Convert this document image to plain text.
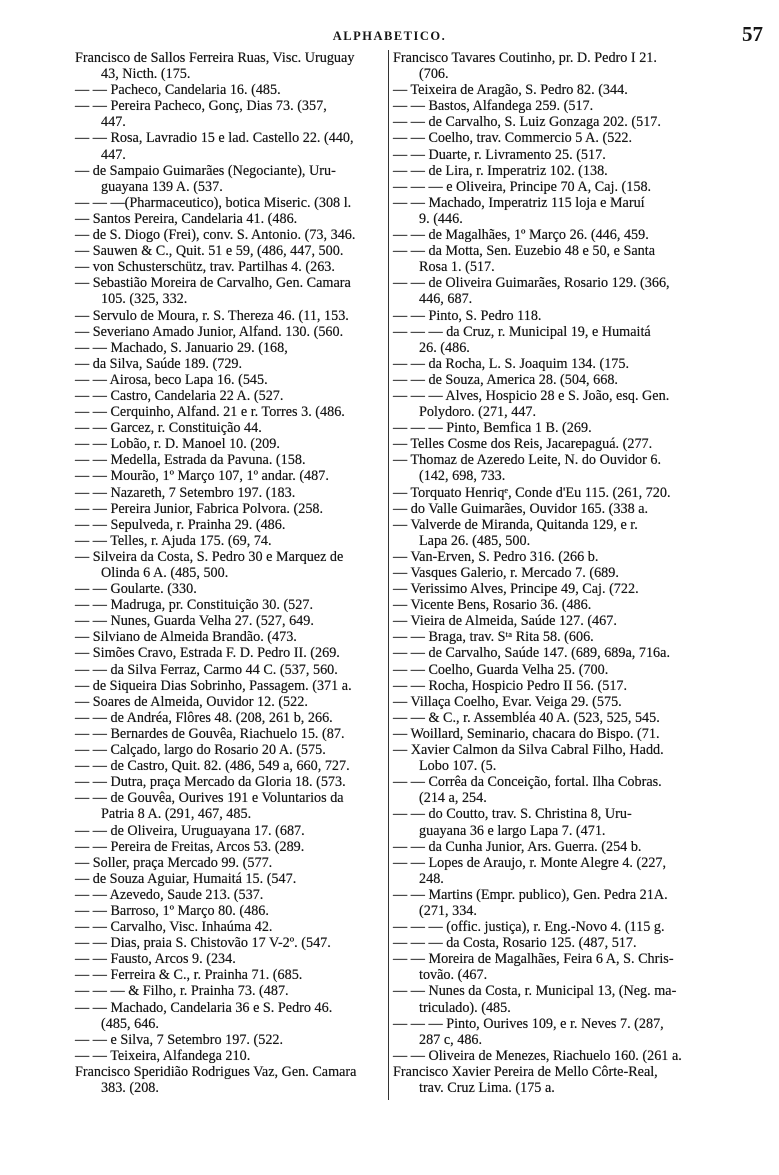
ALPHABETICO.	57
Francisco de Sallos Ferreira Ruas, Visc. Uruguay
43, Nicth. (175.
— — Pacheco, Candelaria 16. (485.
— — Pereira Pacheco, Gonç, Dias 73. (357,
447.
— — Rosa, Lavradio 15 e lad. Castello 22. (440,
447.
— de Sampaio Guimarães (Negociante), Uru-
guayana 139 A. (537.
— — —(Pharmaceutico), botica Miseric. (308 l.
— Santos Pereira, Candelaria 41. (486.
— de S. Diogo (Frei), conv. S. Antonio. (73, 346.
— Sauwen & C., Quit. 51 e 59, (486, 447, 500.
— von Schusterschütz, trav. Partilhas 4. (263.
— Sebastião Moreira de Carvalho, Gen. Camara
105. (325, 332.
— Servulo de Moura, r. S. Thereza 46. (11, 153.
— Severiano Amado Junior, Alfand. 130. (560.
— — Machado, S. Januario 29. (168,
— da Silva, Saúde 189. (729.
— — Airosa, beco Lapa 16. (545.
— — Castro, Candelaria 22 A. (527.
— — Cerquinho, Alfand. 21 e r. Torres 3. (486.
— — Garcez, r. Constituição 44.
— — Lobão, r. D. Manoel 10. (209.
— — Medella, Estrada da Pavuna. (158.
— — Mourão, 1º Março 107, 1º andar. (487.
— — Nazareth, 7 Setembro 197. (183.
— — Pereira Junior, Fabrica Polvora. (258.
— — Sepulveda, r. Prainha 29. (486.
— — Telles, r. Ajuda 175. (69, 74.
— Silveira da Costa, S. Pedro 30 e Marquez de
Olinda 6 A. (485, 500.
— — Goularte. (330.
— — Madruga, pr. Constituição 30. (527.
— — Nunes, Guarda Velha 27. (527, 649.
— Silviano de Almeida Brandão. (473.
— Simões Cravo, Estrada F. D. Pedro II. (269.
— — da Silva Ferraz, Carmo 44 C. (537, 560.
— de Siqueira Dias Sobrinho, Passagem. (371 a.
— Soares de Almeida, Ouvidor 12. (522.
— — de Andréa, Flôres 48. (208, 261 b, 266.
— — Bernardes de Gouvêa, Riachuelo 15. (87.
— — Calçado, largo do Rosario 20 A. (575.
— — de Castro, Quit. 82. (486, 549 a, 660, 727.
— — Dutra, praça Mercado da Gloria 18. (573.
— — de Gouvêa, Ourives 191 e Voluntarios da
Patria 8 A. (291, 467, 485.
— — de Oliveira, Uruguayana 17. (687.
— — Pereira de Freitas, Arcos 53. (289.
— Soller, praça Mercado 99. (577.
— de Souza Aguiar, Humaitá 15. (547.
— — Azevedo, Saude 213. (537.
— — Barroso, 1º Março 80. (486.
— — Carvalho, Visc. Inhaúma 42.
— — Dias, praia S. Chistovão 17 V-2º. (547.
— — Fausto, Arcos 9. (234.
— — Ferreira & C., r. Prainha 71. (685.
— — — & Filho, r. Prainha 73. (487.
— — Machado, Candelaria 36 e S. Pedro 46.
(485, 646.
— — e Silva, 7 Setembro 197. (522.
— — Teixeira, Alfandega 210.
Francisco Speridião Rodrigues Vaz, Gen. Camara
383. (208.
Francisco Tavares Coutinho, pr. D. Pedro I 21.
(706.
— Teixeira de Aragão, S. Pedro 82. (344.
— — Bastos, Alfandega 259. (517.
— — de Carvalho, S. Luiz Gonzaga 202. (517.
— — Coelho, trav. Commercio 5 A. (522.
— — Duarte, r. Livramento 25. (517.
— — de Lira, r. Imperatriz 102. (138.
— — — e Oliveira, Principe 70 A, Caj. (158.
— — Machado, Imperatriz 115 loja e Maruí
9. (446.
— — de Magalhães, 1º Março 26. (446, 459.
— — da Motta, Sen. Euzebio 48 e 50, e Santa
Rosa 1. (517.
— — de Oliveira Guimarães, Rosario 129. (366,
446, 687.
— — Pinto, S. Pedro 118.
— — — da Cruz, r. Municipal 19, e Humaitá
26. (486.
— — da Rocha, L. S. Joaquim 134. (175.
— — de Souza, America 28. (504, 668.
— — — Alves, Hospicio 28 e S. João, esq. Gen.
Polydoro. (271, 447.
— — — Pinto, Bemfica 1 B. (269.
— Telles Cosme dos Reis, Jacarepaguá. (277.
— Thomaz de Azeredo Leite, N. do Ouvidor 6.
(142, 698, 733.
— Torquato Henriqᵉ, Conde d'Eu 115. (261, 720.
— do Valle Guimarães, Ouvidor 165. (338 a.
— Valverde de Miranda, Quitanda 129, e r.
Lapa 26. (485, 500.
— Van-Erven, S. Pedro 316. (266 b.
— Vasques Galerio, r. Mercado 7. (689.
— Verissimo Alves, Principe 49, Caj. (722.
— Vicente Bens, Rosario 36. (486.
— Vieira de Almeida, Saúde 127. (467.
— — Braga, trav. Sᵗᵃ Rita 58. (606.
— — de Carvalho, Saúde 147. (689, 689a, 716a.
— — Coelho, Guarda Velha 25. (700.
— — Rocha, Hospicio Pedro II 56. (517.
— Villaça Coelho, Evar. Veiga 29. (575.
— — & C., r. Assembléa 40 A. (523, 525, 545.
— Woillard, Seminario, chacara do Bispo. (71.
— Xavier Calmon da Silva Cabral Filho, Hadd.
Lobo 107. (5.
— — Corrêa da Conceição, fortal. Ilha Cobras.
(214 a, 254.
— — do Coutto, trav. S. Christina 8, Uru-
guayana 36 e largo Lapa 7. (471.
— — da Cunha Junior, Ars. Guerra. (254 b.
— — Lopes de Araujo, r. Monte Alegre 4. (227,
248.
— — Martins (Empr. publico), Gen. Pedra 21A.
(271, 334.
— — — (offic. justiça), r. Eng.-Novo 4. (115 g.
— — — da Costa, Rosario 125. (487, 517.
— — Moreira de Magalhães, Feira 6 A, S. Chris-
tovão. (467.
— — Nunes da Costa, r. Municipal 13, (Neg. ma-
triculado). (485.
— — — Pinto, Ourives 109, e r. Neves 7. (287,
287 c, 486.
— — Oliveira de Menezes, Riachuelo 160. (261 a.
Francisco Xavier Pereira de Mello Côrte-Real,
trav. Cruz Lima. (175 a.
